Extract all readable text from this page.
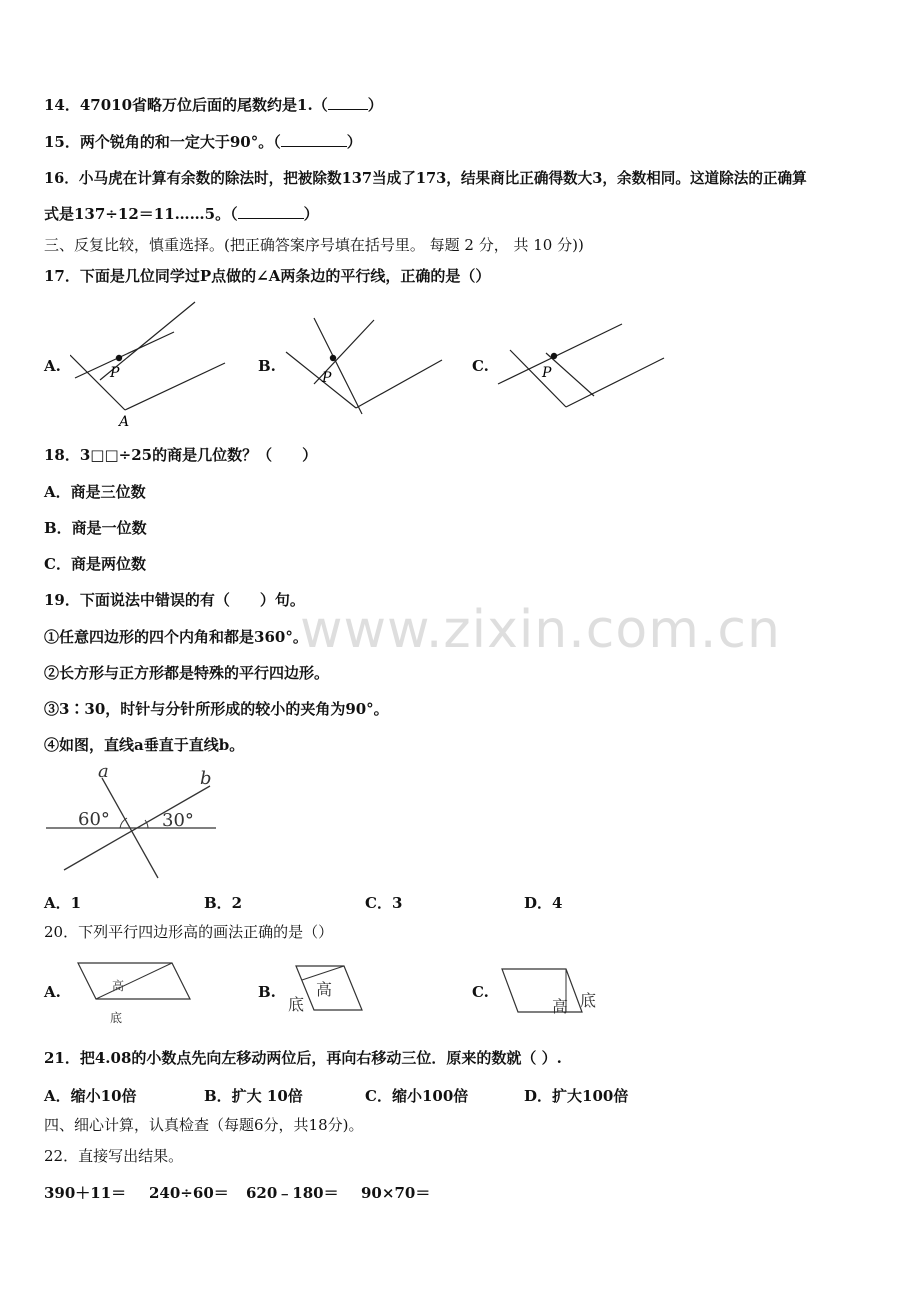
www.zixin.com.cn
14．47010省略万位后面的尾数约是1.（	）
15．两个锐角的和一定大于90°。（	）
16．小马虎在计算有余数的除法时，把被除数137当成了173，结果商比正确得数大3，余数相同。这道除法的正确算
式是137÷12＝11……5。（	）
三、反复比较，慎重选择。(把正确答案序号填在括号里。 每题 2 分， 共 10 分))
17．下面是几位同学过P点做的∠A两条边的平行线，正确的是（）
A.	P
A
B.
P
C.	P
18．3□□÷25的商是几位数？（　　）
A．商是三位数
B．商是一位数
C．商是两位数
19．下面说法中错误的有（　　）句。
①任意四边形的四个内角和都是360°。
②长方形与正方形都是特殊的平行四边形。
③3∶30，时针与分针所形成的较小的夹角为90°。
④如图，直线a垂直于直线b。
a	b
60°	30°
A．1	B．2	C．3	D．4
20．下列平行四边形高的画法正确的是（）
A.	高
底
B.	高
底
C.
高 底
21．把4.08的小数点先向左移动两位后，再向右移动三位．原来的数就（ ）.
A．缩小10倍	B．扩大 10倍	C．缩小100倍	D．扩大100倍
四、细心计算，认真检查（每题6分，共18分)。
22．直接写出结果。
390＋11＝ 240÷60＝ 620﹣180＝ 90×70＝
